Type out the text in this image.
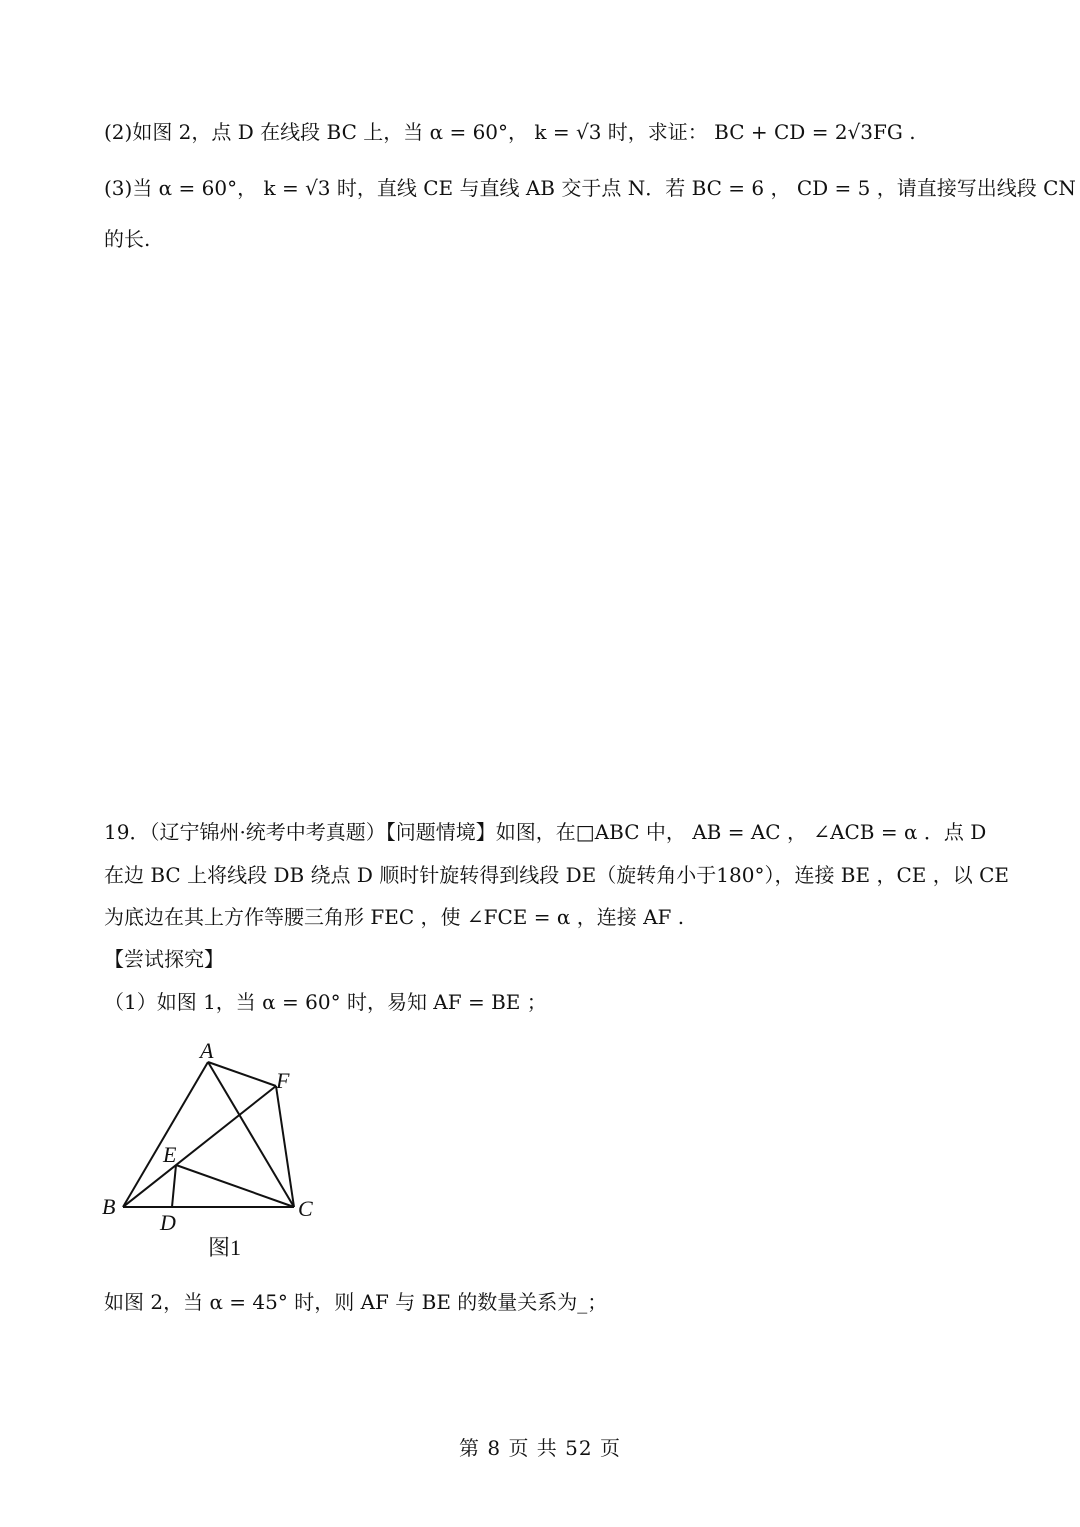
(2)如图 2，点 D 在线段 BC 上，当 α = 60°， k = √3 时，求证： BC + CD = 2√3FG .
(3)当 α = 60°， k = √3 时，直线 CE 与直线 AB 交于点 N．若 BC = 6 ， CD = 5 ，请直接写出线段 CN
的长.
19．（辽宁锦州·统考中考真题）【问题情境】如图，在□ABC 中， AB = AC ， ∠ACB = α ．点 D
在边 BC 上将线段 DB 绕点 D 顺时针旋转得到线段 DE（旋转角小于180°），连接 BE ，CE ，以 CE
为底边在其上方作等腰三角形 FEC ，使 ∠FCE = α ，连接 AF .
【尝试探究】
（1）如图 1，当 α = 60° 时，易知 AF = BE ；
A
F
E
B
D
C
图1
如图 2，当 α = 45° 时，则 AF 与 BE 的数量关系为_；
第 8 页 共 52 页
